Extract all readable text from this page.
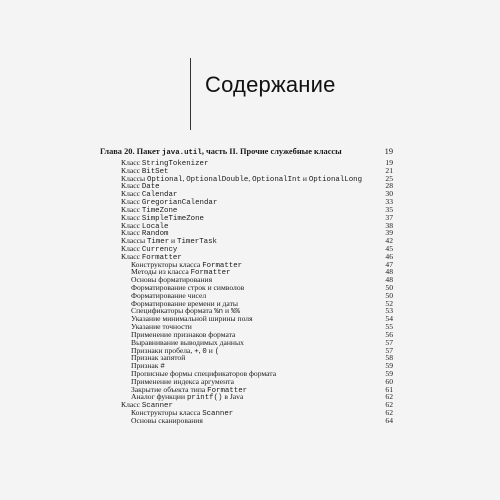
Содержание
Глава 20. Пакет java.util, часть II. Прочие служебные классы	19
Класс StringTokenizer	19
Класс BitSet	21
Классы Optional, OptionalDouble, OptionalInt и OptionalLong	25
Класс Date	28
Класс Calendar	30
Класс GregorianCalendar	33
Класс TimeZone	35
Класс SimpleTimeZone	37
Класс Locale	38
Класс Random	39
Классы Timer и TimerTask	42
Класс Currency	45
Класс Formatter	46
Конструкторы класса Formatter	47
Методы из класса Formatter	48
Основы форматирования	48
Форматирование строк и символов	50
Форматирование чисел	50
Форматирование времени и даты	52
Спецификаторы формата %n и %%	53
Указание минимальной ширины поля	54
Указание точности	55
Применение признаков формата	56
Выравнивание выводимых данных	57
Признаки пробела, +, 0 и (	57
Признак запятой	58
Признак #	59
Прописные формы спецификаторов формата	59
Применение индекса аргумента	60
Закрытие объекта типа Formatter	61
Аналог функции printf() в Java	62
Класс Scanner	62
Конструкторы класса Scanner	62
Основы сканирования	64
